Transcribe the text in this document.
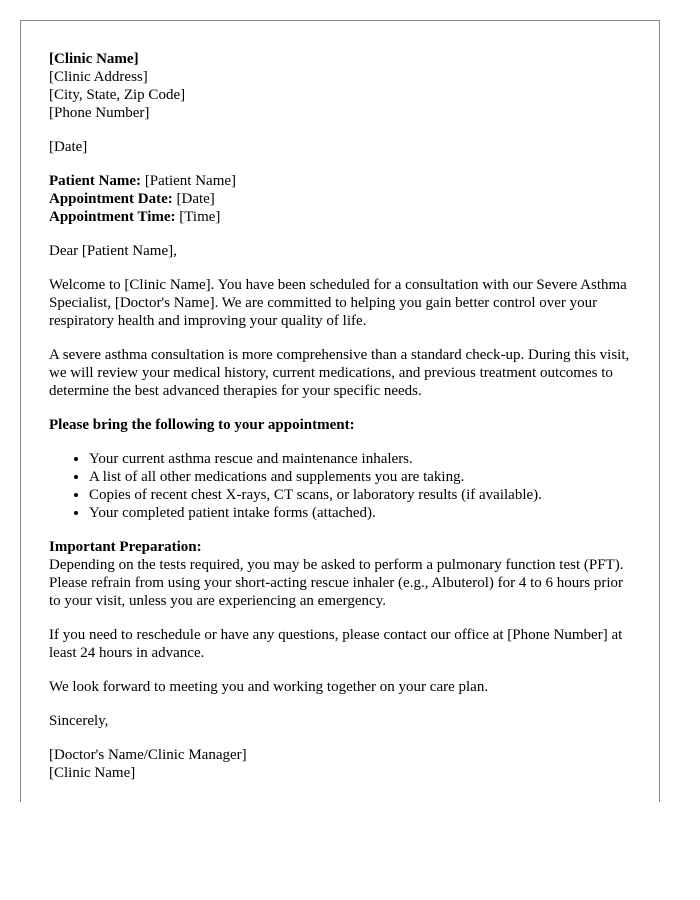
[Clinic Name]
[Clinic Address]
[City, State, Zip Code]
[Phone Number]
[Date]
Patient Name: [Patient Name]
Appointment Date: [Date]
Appointment Time: [Time]

Dear [Patient Name],

Welcome to [Clinic Name]. You have been scheduled for a consultation with our Severe Asthma Specialist, [Doctor's Name]. We are committed to helping you gain better control over your respiratory health and improving your quality of life.

A severe asthma consultation is more comprehensive than a standard check-up. During this visit, we will review your medical history, current medications, and previous treatment outcomes to determine the best advanced therapies for your specific needs.

Please bring the following to your appointment:

• Your current asthma rescue and maintenance inhalers.
• A list of all other medications and supplements you are taking.
• Copies of recent chest X-rays, CT scans, or laboratory results (if available).
• Your completed patient intake forms (attached).
Important Preparation:
Depending on the tests required, you may be asked to perform a pulmonary function test (PFT). Please refrain from using your short-acting rescue inhaler (e.g., Albuterol) for 4 to 6 hours prior to your visit, unless you are experiencing an emergency.

If you need to reschedule or have any questions, please contact our office at [Phone Number] at least 24 hours in advance.

We look forward to meeting you and working together on your care plan.

Sincerely,

[Doctor's Name/Clinic Manager]
[Clinic Name]
